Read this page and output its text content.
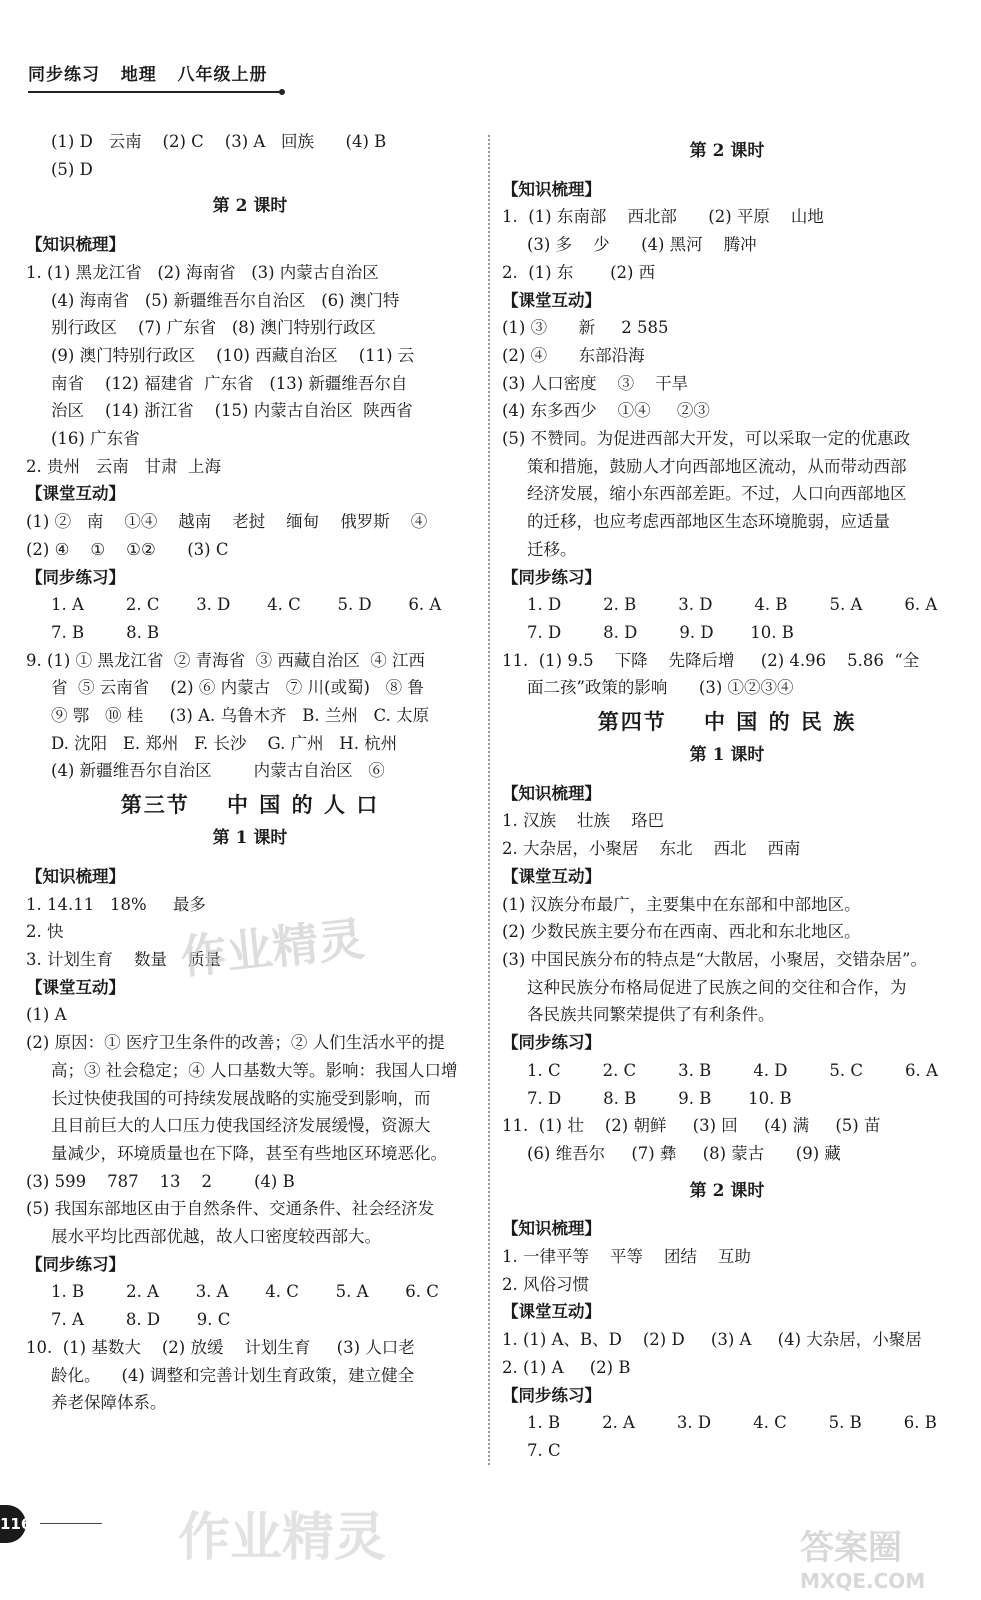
同步练习   地理   八年级上册
(1) D   云南    (2) C    (3) A   回族      (4) B
(5) D
第 2 课时
【知识梳理】
1. (1) 黑龙江省   (2) 海南省   (3) 内蒙古自治区
(4) 海南省   (5) 新疆维吾尔自治区   (6) 澳门特
别行政区    (7) 广东省   (8) 澳门特别行政区
(9) 澳门特别行政区    (10) 西藏自治区    (11) 云
南省    (12) 福建省  广东省   (13) 新疆维吾尔自
治区    (14) 浙江省    (15) 内蒙古自治区  陕西省
(16) 广东省
2. 贵州   云南   甘肃  上海
【课堂互动】
(1) ②   南    ①④    越南    老挝    缅甸    俄罗斯    ④
(2) ④    ①    ①②      (3) C
【同步练习】
1. A        2. C       3. D       4. C       5. D       6. A
7. B        8. B
9. (1) ① 黑龙江省  ② 青海省  ③ 西藏自治区  ④ 江西
省  ⑤ 云南省    (2) ⑥ 内蒙古   ⑦ 川(或蜀)   ⑧ 鲁
⑨ 鄂   ⑩ 桂     (3) A. 乌鲁木齐   B. 兰州   C. 太原
D. 沈阳   E. 郑州   F. 长沙    G. 广州   H. 杭州
(4) 新疆维吾尔自治区        内蒙古自治区   ⑥
第三节    中 国 的 人 口
第 1 课时
【知识梳理】
1. 14.11   18%     最多
2. 快
3. 计划生育    数量    质量
【课堂互动】
(1) A
(2) 原因：① 医疗卫生条件的改善；② 人们生活水平的提
高；③ 社会稳定；④ 人口基数大等。影响：我国人口增
长过快使我国的可持续发展战略的实施受到影响，而
且目前巨大的人口压力使我国经济发展缓慢，资源大
量减少，环境质量也在下降，甚至有些地区环境恶化。
(3) 599    787    13    2        (4) B
(5) 我国东部地区由于自然条件、交通条件、社会经济发
展水平均比西部优越，故人口密度较西部大。
【同步练习】
1. B        2. A       3. A       4. C       5. A       6. C
7. A        8. D       9. C
10.  (1) 基数大    (2) 放缓    计划生育     (3) 人口老
龄化。    (4) 调整和完善计划生育政策，建立健全
养老保障体系。
第 2 课时
【知识梳理】
1.  (1) 东南部    西北部      (2) 平原    山地
(3) 多    少      (4) 黑河    腾冲
2.  (1) 东       (2) 西
【课堂互动】
(1) ③      新     2 585
(2) ④      东部沿海
(3) 人口密度    ③    干旱
(4) 东多西少    ①④     ②③
(5) 不赞同。为促进西部大开发，可以采取一定的优惠政
策和措施，鼓励人才向西部地区流动，从而带动西部
经济发展，缩小东西部差距。不过，人口向西部地区
的迁移，也应考虑西部地区生态环境脆弱，应适量
迁移。
【同步练习】
1. D        2. B        3. D        4. B        5. A        6. A
7. D        8. D        9. D       10. B
11.  (1) 9.5    下降    先降后增     (2) 4.96    5.86  “全
面二孩”政策的影响      (3) ①②③④
第四节    中 国 的 民 族
第 1 课时
【知识梳理】
1. 汉族    壮族    珞巴
2. 大杂居，小聚居    东北    西北    西南
【课堂互动】
(1) 汉族分布最广，主要集中在东部和中部地区。
(2) 少数民族主要分布在西南、西北和东北地区。
(3) 中国民族分布的特点是“大散居，小聚居，交错杂居”。
这种民族分布格局促进了民族之间的交往和合作，为
各民族共同繁荣提供了有利条件。
【同步练习】
1. C        2. C        3. B        4. D        5. C        6. A
7. D        8. B        9. B       10. B
11.  (1) 壮    (2) 朝鲜     (3) 回     (4) 满     (5) 苗
(6) 维吾尔     (7) 彝     (8) 蒙古      (9) 藏
第 2 课时
【知识梳理】
1. 一律平等    平等    团结    互助
2. 风俗习惯
【课堂互动】
1. (1) A、B、D    (2) D     (3) A     (4) 大杂居，小聚居
2. (1) A     (2) B
【同步练习】
1. B        2. A        3. D        4. C        5. B        6. B
7. C
作业精灵
作业精灵	答案圈
MXQE.COM
116
